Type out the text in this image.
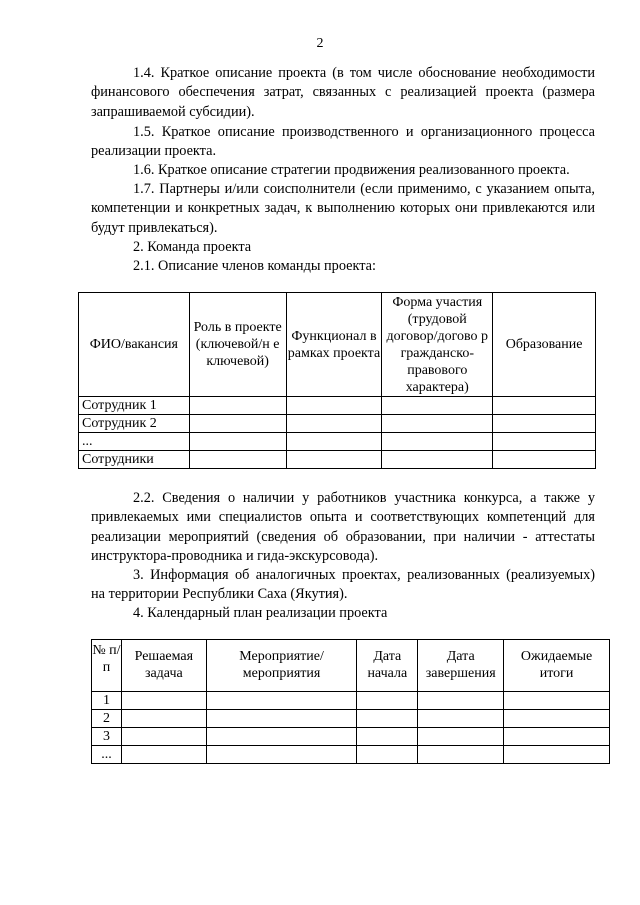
2
1.4. Краткое описание проекта (в том числе обоснование необходимости финансового обеспечения затрат, связанных с реализацией проекта (размера запрашиваемой субсидии).
1.5. Краткое описание производственного и организационного процесса реализации проекта.
1.6. Краткое описание стратегии продвижения реализованного проекта.
1.7. Партнеры и/или соисполнители (если применимо, с указанием опыта, компетенции и конкретных задач, к выполнению которых они привлекаются или будут привлекаться).
2. Команда проекта
2.1. Описание членов команды проекта:
ФИО/вакансия	Роль в проекте (ключевой/н е ключевой)	Функционал в рамках проекта	Форма участия (трудовой договор/догово р гражданско-правового характера)	Образование
Сотрудник 1				
Сотрудник 2				
...				
Сотрудники				
2.2. Сведения о наличии у работников участника конкурса, а также у привлекаемых ими специалистов опыта и соответствующих компетенций для реализации мероприятий (сведения об образовании, при наличии - аттестаты инструктора-проводника и гида-экскурсовода).
3. Информация об аналогичных проектах, реализованных (реализуемых) на территории Республики Саха (Якутия).
4. Календарный план реализации проекта
№ п/ п	Решаемая задача	Мероприятие/ мероприятия	Дата начала	Дата завершения	Ожидаемые итоги
1					
2					
3					
...					
